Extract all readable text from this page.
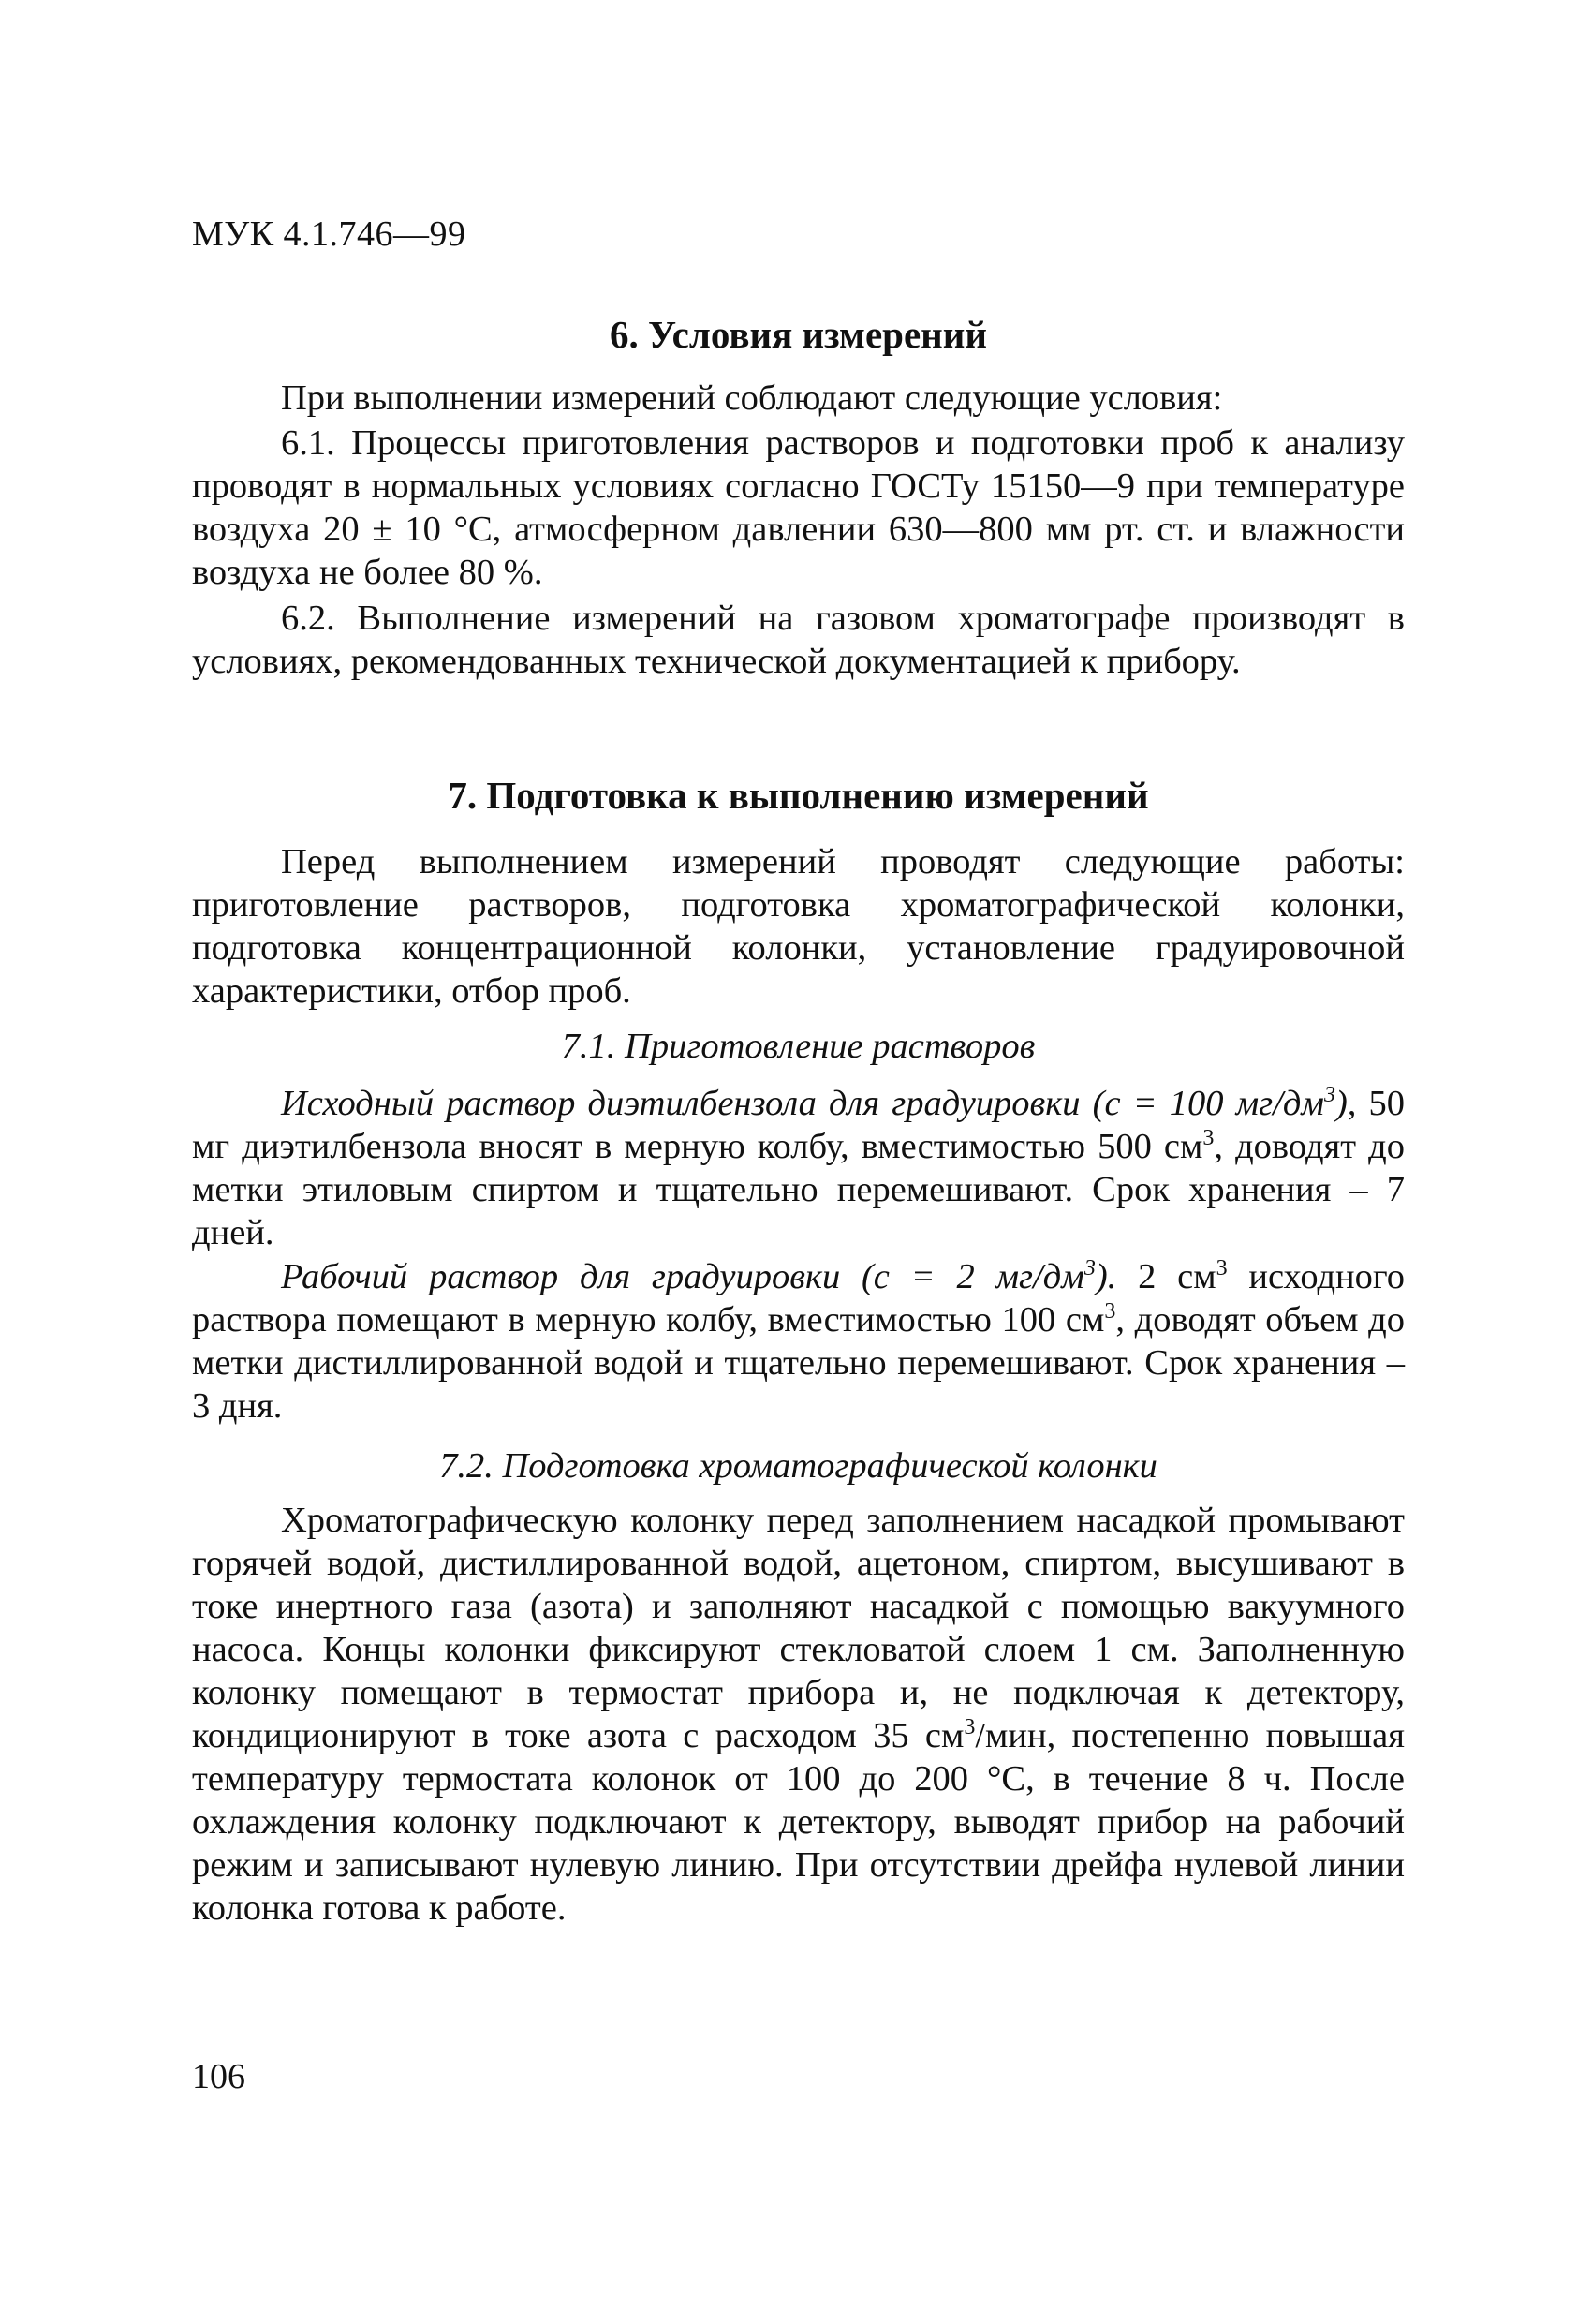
МУК 4.1.746—99
6. Условия измерений
При выполнении измерений соблюдают следующие условия:
6.1. Процессы приготовления растворов и подготовки проб к анализу проводят в нормальных условиях согласно ГОСТу 15150—9 при температуре воздуха 20 ± 10 °С, атмосферном давлении 630—800 мм рт. ст. и влажности воздуха не более 80 %.
6.2. Выполнение измерений на газовом хроматографе производят в условиях, рекомендованных технической документацией к прибору.
7. Подготовка к выполнению измерений
Перед выполнением измерений проводят следующие работы: приготовление растворов, подготовка хроматографической колонки, подготовка концентрационной колонки, установление градуировочной характеристики, отбор проб.
7.1. Приготовление растворов
Исходный раствор диэтилбензола для градуировки (с = 100 $мг/дм^3$), 50 мг диэтилбензола вносят в мерную колбу, вместимостью 500 $см^3$, доводят до метки этиловым спиртом и тщательно перемешивают. Срок хранения – 7 дней.
Рабочий раствор для градуировки (с = 2 $мг/дм^3$). 2 $см^3$ исходного раствора помещают в мерную колбу, вместимостью 100 $см^3$, доводят объем до метки дистиллированной водой и тщательно перемешивают. Срок хранения – 3 дня.
7.2. Подготовка хроматографической колонки
Хроматографическую колонку перед заполнением насадкой промывают горячей водой, дистиллированной водой, ацетоном, спиртом, высушивают в токе инертного газа (азота) и заполняют насадкой с помощью вакуумного насоса. Концы колонки фиксируют стекловатой слоем 1 см. Заполненную колонку помещают в термостат прибора и, не подключая к детектору, кондиционируют в токе азота с расходом 35 $см^3$/мин, постепенно повышая температуру термостата колонок от 100 до 200 °С, в течение 8 ч. После охлаждения колонку подключают к детектору, выводят прибор на рабочий режим и записывают нулевую линию. При отсутствии дрейфа нулевой линии колонка готова к работе.
106
